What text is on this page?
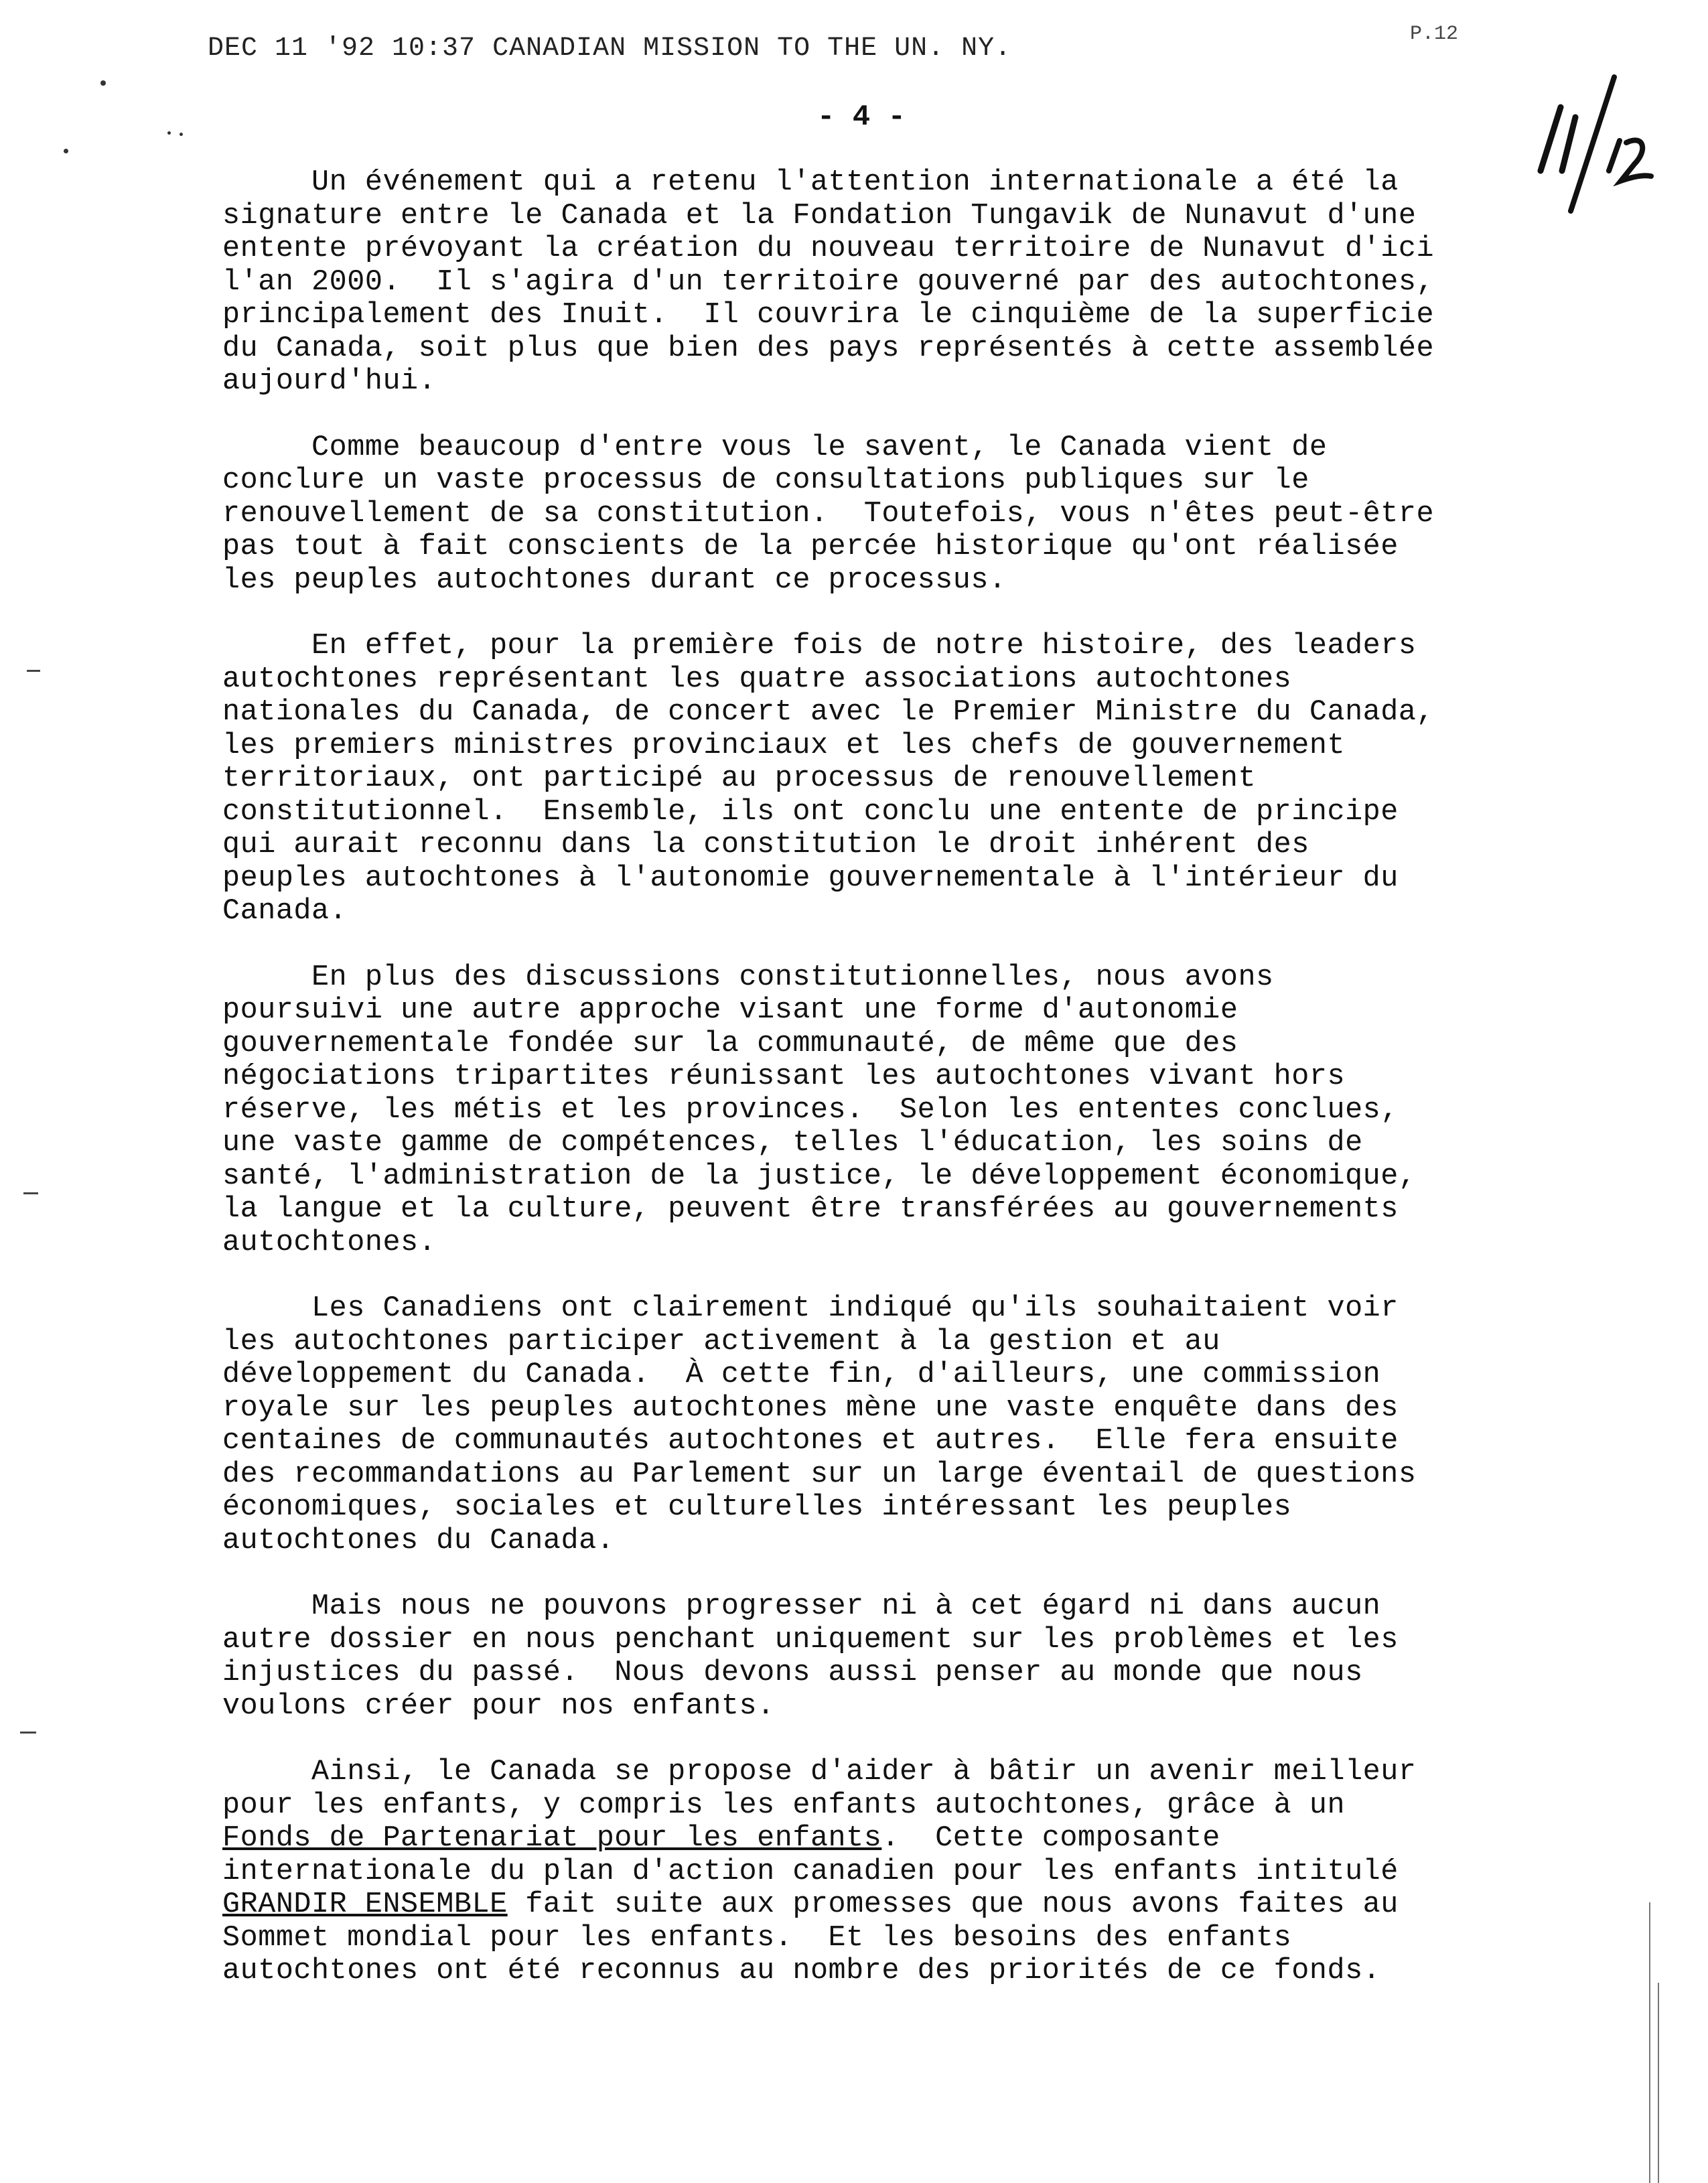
DEC 11 '92 10:37 CANADIAN MISSION TO THE UN. NY.	P.12
- 4 -
Un événement qui a retenu l'attention internationale a été la
signature entre le Canada et la Fondation Tungavik de Nunavut d'une
entente prévoyant la création du nouveau territoire de Nunavut d'ici
l'an 2000.  Il s'agira d'un territoire gouverné par des autochtones,
principalement des Inuit.  Il couvrira le cinquième de la superficie
du Canada, soit plus que bien des pays représentés à cette assemblée
aujourd'hui.
Comme beaucoup d'entre vous le savent, le Canada vient de
conclure un vaste processus de consultations publiques sur le
renouvellement de sa constitution.  Toutefois, vous n'êtes peut-être
pas tout à fait conscients de la percée historique qu'ont réalisée
les peuples autochtones durant ce processus.
En effet, pour la première fois de notre histoire, des leaders
autochtones représentant les quatre associations autochtones
nationales du Canada, de concert avec le Premier Ministre du Canada,
les premiers ministres provinciaux et les chefs de gouvernement
territoriaux, ont participé au processus de renouvellement
constitutionnel.  Ensemble, ils ont conclu une entente de principe
qui aurait reconnu dans la constitution le droit inhérent des
peuples autochtones à l'autonomie gouvernementale à l'intérieur du
Canada.
En plus des discussions constitutionnelles, nous avons
poursuivi une autre approche visant une forme d'autonomie
gouvernementale fondée sur la communauté, de même que des
négociations tripartites réunissant les autochtones vivant hors
réserve, les métis et les provinces.  Selon les ententes conclues,
une vaste gamme de compétences, telles l'éducation, les soins de
santé, l'administration de la justice, le développement économique,
la langue et la culture, peuvent être transférées au gouvernements
autochtones.
Les Canadiens ont clairement indiqué qu'ils souhaitaient voir
les autochtones participer activement à la gestion et au
développement du Canada.  À cette fin, d'ailleurs, une commission
royale sur les peuples autochtones mène une vaste enquête dans des
centaines de communautés autochtones et autres.  Elle fera ensuite
des recommandations au Parlement sur un large éventail de questions
économiques, sociales et culturelles intéressant les peuples
autochtones du Canada.
Mais nous ne pouvons progresser ni à cet égard ni dans aucun
autre dossier en nous penchant uniquement sur les problèmes et les
injustices du passé.  Nous devons aussi penser au monde que nous
voulons créer pour nos enfants.
Ainsi, le Canada se propose d'aider à bâtir un avenir meilleur
pour les enfants, y compris les enfants autochtones, grâce à un
Fonds de Partenariat pour les enfants.  Cette composante
internationale du plan d'action canadien pour les enfants intitulé
GRANDIR ENSEMBLE fait suite aux promesses que nous avons faites au
Sommet mondial pour les enfants.  Et les besoins des enfants
autochtones ont été reconnus au nombre des priorités de ce fonds.
